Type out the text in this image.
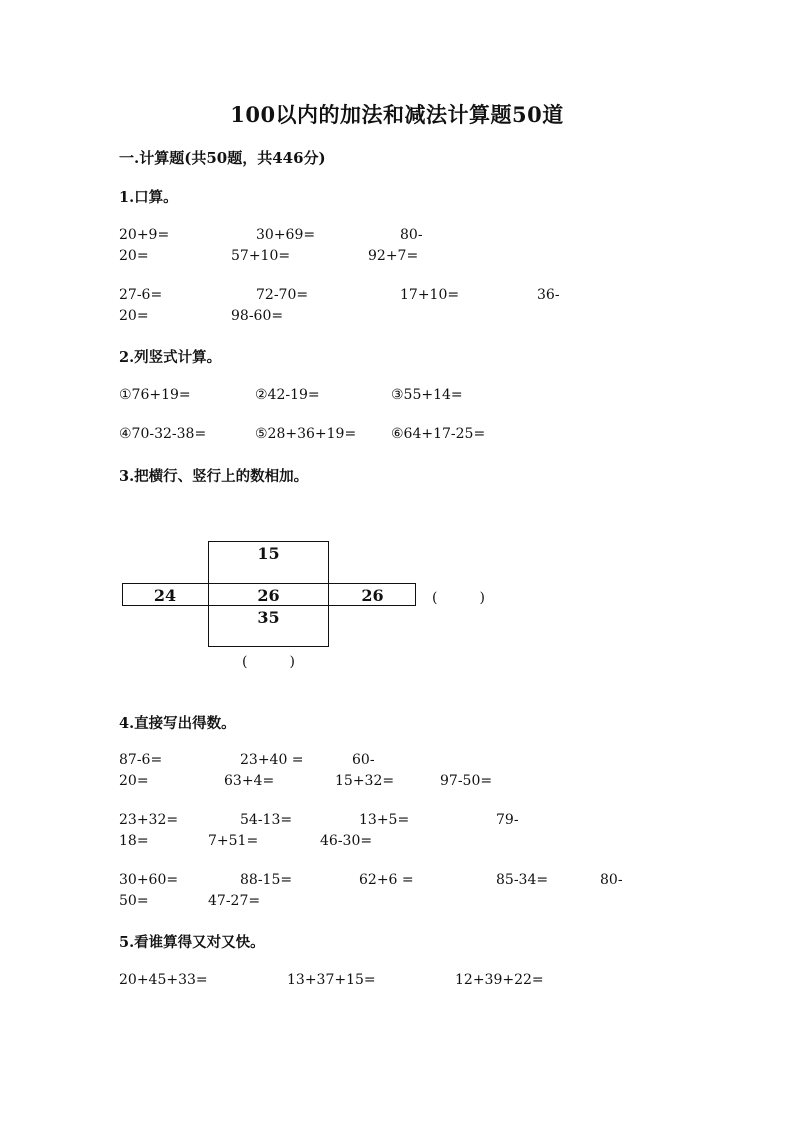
100以内的加法和减法计算题50道
一.计算题(共50题，共446分)
1.口算。
20+9=	30+69=	80-
20=	57+10=	92+7=
27-6=	72-70=	17+10=	36-
20=	98-60=
2.列竖式计算。
①76+19=	②42-19=	③55+14=
④70-32-38=	⑤28+36+19= ⑥64+17-25=
3.把横行、竖行上的数相加。
15
24	26	26
35
(　　　)
(　　　)
4.直接写出得数。
87-6=	23+40 =	60-
20=	63+4=	15+32=	97-50=
23+32=	54-13=	13+5=	79-
18=	7+51=	46-30=
30+60=	88-15=	62+6 =	85-34=	80-
50=	47-27=
5.看谁算得又对又快。
20+45+33=	13+37+15=	12+39+22=
